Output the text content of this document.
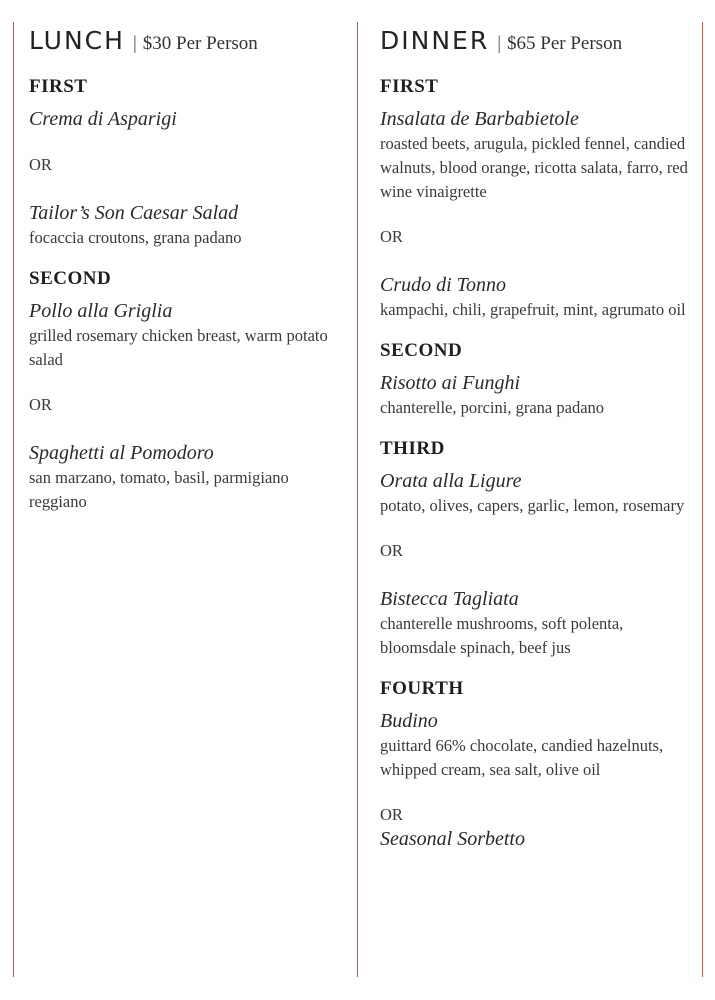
LUNCH | $30 Per Person
FIRST
Crema di Asparigi
OR
Tailor’s Son Caesar Salad
focaccia croutons, grana padano
SECOND
Pollo alla Griglia
grilled rosemary chicken breast, warm potato salad
OR
Spaghetti al Pomodoro
san marzano, tomato, basil, parmigiano reggiano
DINNER | $65 Per Person
FIRST
Insalata de Barbabietole
roasted beets, arugula, pickled fennel, candied walnuts, blood orange, ricotta salata, farro, red wine vinaigrette
OR
Crudo di Tonno
kampachi, chili, grapefruit, mint, agrumato oil
SECOND
Risotto ai Funghi
chanterelle, porcini, grana padano
THIRD
Orata alla Ligure
potato, olives, capers, garlic, lemon, rosemary
OR
Bistecca Tagliata
chanterelle mushrooms, soft polenta, bloomsdale spinach, beef jus
FOURTH
Budino
guittard 66% chocolate, candied hazelnuts, whipped cream, sea salt, olive oil
OR
Seasonal Sorbetto
